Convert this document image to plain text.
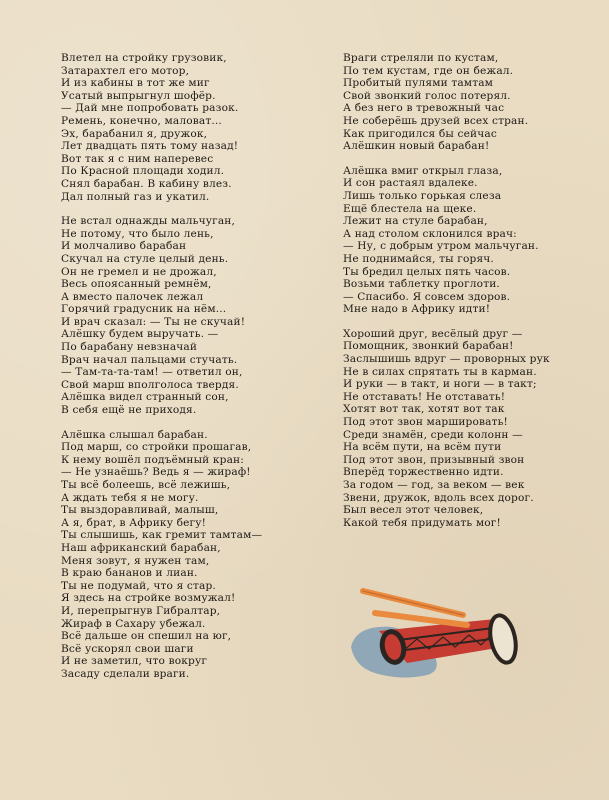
Влетел на стройку грузовик,
Затарахтел его мотор,
И из кабины в тот же миг
Усатый выпрыгнул шофёр.
— Дай мне попробовать разок.
Ремень, конечно, маловат...
Эх, барабанил я, дружок,
Лет двадцать пять тому назад!
Вот так я с ним наперевес
По Красной площади ходил.
Снял барабан. В кабину влез.
Дал полный газ и укатил.
Не встал однажды мальчуган,
Не потому, что было лень,
И молчаливо барабан
Скучал на стуле целый день.
Он не гремел и не дрожал,
Весь опоясанный ремнём,
А вместо палочек лежал
Горячий градусник на нём...
И врач сказал: — Ты не скучай!
Алёшку будем выручать. —
По барабану невзначай
Врач начал пальцами стучать.
— Там-та-та-там! — ответил он,
Свой марш вполголоса твердя.
Алёшка видел странный сон,
В себя ещё не приходя.
Алёшка слышал барабан.
Под марш, со стройки прошагав,
К нему вошёл подъёмный кран:
— Не узнаёшь? Ведь я — жираф!
Ты всё болеешь, всё лежишь,
А ждать тебя я не могу.
Ты выздоравливай, малыш,
А я, брат, в Африку бегу!
Ты слышишь, как гремит тамтам—
Наш африканский барабан,
Меня зовут, я нужен там,
В краю бананов и лиан.
Ты не подумай, что я стар.
Я здесь на стройке возмужал!
И, перепрыгнув Гибралтар,
Жираф в Сахару убежал.
Всё дальше он спешил на юг,
Всё ускорял свои шаги
И не заметил, что вокруг
Засаду сделали враги.
Враги стреляли по кустам,
По тем кустам, где он бежал.
Пробитый пулями тамтам
Свой звонкий голос потерял.
А без него в тревожный час
Не соберёшь друзей всех стран.
Как пригодился бы сейчас
Алёшкин новый барабан!
Алёшка вмиг открыл глаза,
И сон растаял вдалеке.
Лишь только горькая слеза
Ещё блестела на щеке.
Лежит на стуле барабан,
А над столом склонился врач:
— Ну, с добрым утром мальчуган.
Не поднимайся, ты горяч.
Ты бредил целых пять часов.
Возьми таблетку проглоти.
— Спасибо. Я совсем здоров.
Мне надо в Африку идти!
Хороший друг, весёлый друг —
Помощник, звонкий барабан!
Заслышишь вдруг — проворных рук
Не в силах спрятать ты в карман.
И руки — в такт, и ноги — в такт;
Не отставать! Не отставать!
Хотят вот так, хотят вот так
Под этот звон маршировать!
Среди знамён, среди колонн —
На всём пути, на всём пути
Под этот звон, призывный звон
Вперёд торжественно идти.
За годом — год, за веком — век
Звени, дружок, вдоль всех дорог.
Был весел этот человек,
Какой тебя придумать мог!
